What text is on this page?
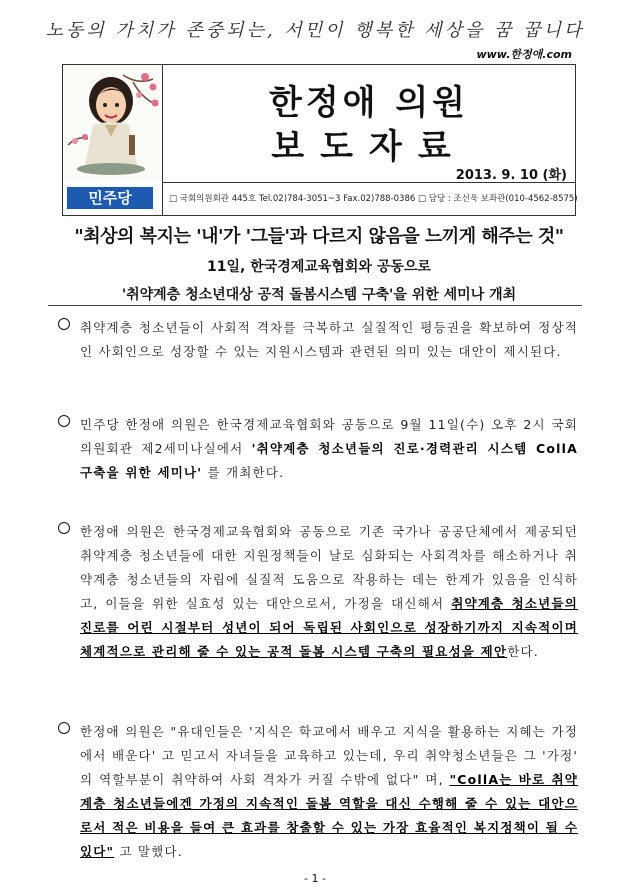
노동의 가치가 존중되는, 서민이 행복한 세상을 꿈 꿉니다
www.한정애.com
한정애 의원
보도자료
2013. 9. 10 (화)
민주당	□ 국회의원회관 445호 Tel.02)784-3051~3 Fax.02)788-0386 □ 담당 : 조선욱 보좌관(010-4562-8575)
"최상의 복지는 '내'가 '그들'과 다르지 않음을 느끼게 해주는 것"
11일, 한국경제교육협회와 공동으로
'취약계층 청소년대상 공적 돌봄시스템 구축'을 위한 세미나 개최
취약계층 청소년들이 사회적 격차를 극복하고 실질적인 평등권을 확보하여 정상적인 사회인으로 성장할 수 있는 지원시스템과 관련된 의미 있는 대안이 제시된다.
민주당 한정애 의원은 한국경제교육협회와 공동으로 9월 11일(수) 오후 2시 국회 의원회관 제2세미나실에서 '취약계층 청소년들의 진로·경력관리 시스템 CollA 구축을 위한 세미나' 를 개최한다.
한정애 의원은 한국경제교육협회와 공동으로 기존 국가나 공공단체에서 제공되던 취약계층 청소년들에 대한 지원정책들이 날로 심화되는 사회격차를 해소하거나 취약계층 청소년들의 자립에 실질적 도움으로 작용하는 데는 한계가 있음을 인식하고, 이들을 위한 실효성 있는 대안으로서, 가정을 대신해서 취약계층 청소년들의 진로를 어린 시절부터 성년이 되어 독립된 사회인으로 성장하기까지 지속적이며 체계적으로 관리해 줄 수 있는 공적 돌봄 시스템 구축의 필요성을 제안한다.
한정애 의원은 "유대인들은 '지식은 학교에서 배우고 지식을 활용하는 지혜는 가정에서 배운다' 고 믿고서 자녀들을 교육하고 있는데, 우리 취약청소년들은 그 '가정' 의 역할부분이 취약하여 사회 격차가 커질 수밖에 없다" 며, "CollA는 바로 취약계층 청소년들에겐 가정의 지속적인 돌봄 역할을 대신 수행해 줄 수 있는 대안으로서 적은 비용을 들여 큰 효과를 창출할 수 있는 가장 효율적인 복지정책이 될 수 있다" 고 말했다.
- 1 -
